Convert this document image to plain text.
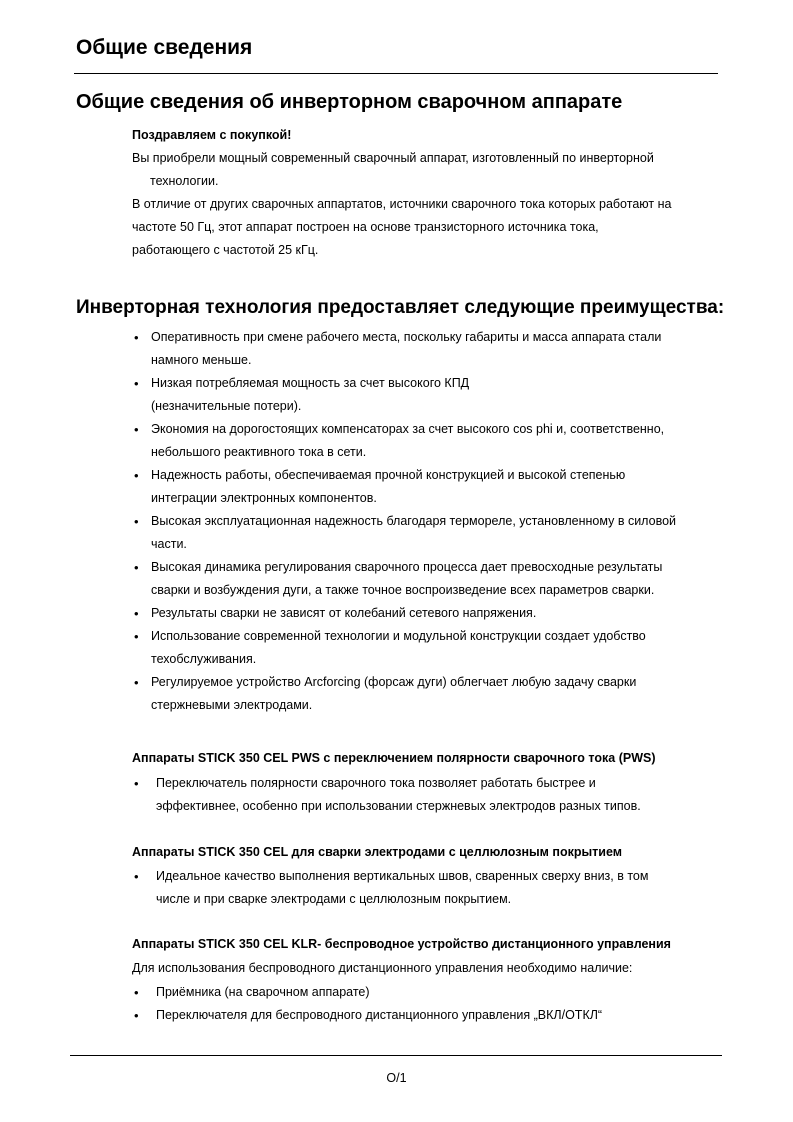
Общие сведения
Общие сведения об инверторном сварочном аппарате
Поздравляем с покупкой!
Вы приобрели мощный современный сварочный аппарат, изготовленный по инверторной
технологии.
В отличие от других сварочных аппартатов, источники сварочного тока которых работают на
частоте 50 Гц, этот аппарат построен на основе транзисторного источника тока,
работающего с частотой 25 кГц.
Инверторная технология предоставляет следующие преимущества:
• Оперативность при смене рабочего места, поскольку габариты и масса аппарата стали
намного меньше.
• Низкая потребляемая мощность за счет высокого КПД
(незначительные потери).
• Экономия на дорогостоящих компенсаторах за счет высокого cos phi и, соответственно,
небольшого реактивного тока в сети.
• Надежность работы, обеспечиваемая прочной конструкцией и высокой степенью
интеграции электронных компонентов.
• Высокая эксплуатационная надежность благодаря термореле, установленному в силовой
части.
• Высокая динамика регулирования сварочного процесса дает превосходные результаты
сварки и возбуждения дуги, а также точное воспроизведение всех параметров сварки.
• Результаты сварки не зависят от колебаний сетевого напряжения.
• Использование современной технологии и модульной конструкции создает удобство
техобслуживания.
• Регулируемое устройство Arcforcing (форсаж дуги) облегчает любую задачу сварки
стержневыми электродами.
Аппараты STICK 350 CEL PWS с переключением полярности сварочного тока (PWS)
• Переключатель полярности сварочного тока позволяет работать быстрее и
эффективнее, особенно при использовании стержневых электродов разных типов.
Аппараты STICK 350 CEL для сварки электродами с целлюлозным покрытием
• Идеальное качество выполнения вертикальных швов, сваренных сверху вниз, в том
числе и при сварке электродами с целлюлозным покрытием.
Аппараты STICK 350 CEL KLR- беспроводное устройство дистанционного управления
Для использования беспроводного дистанционного управления необходимо наличие:
• Приёмника (на сварочном аппарате)
• Переключателя для беспроводного дистанционного управления „ВКЛ/ОТКЛ“
O/1
